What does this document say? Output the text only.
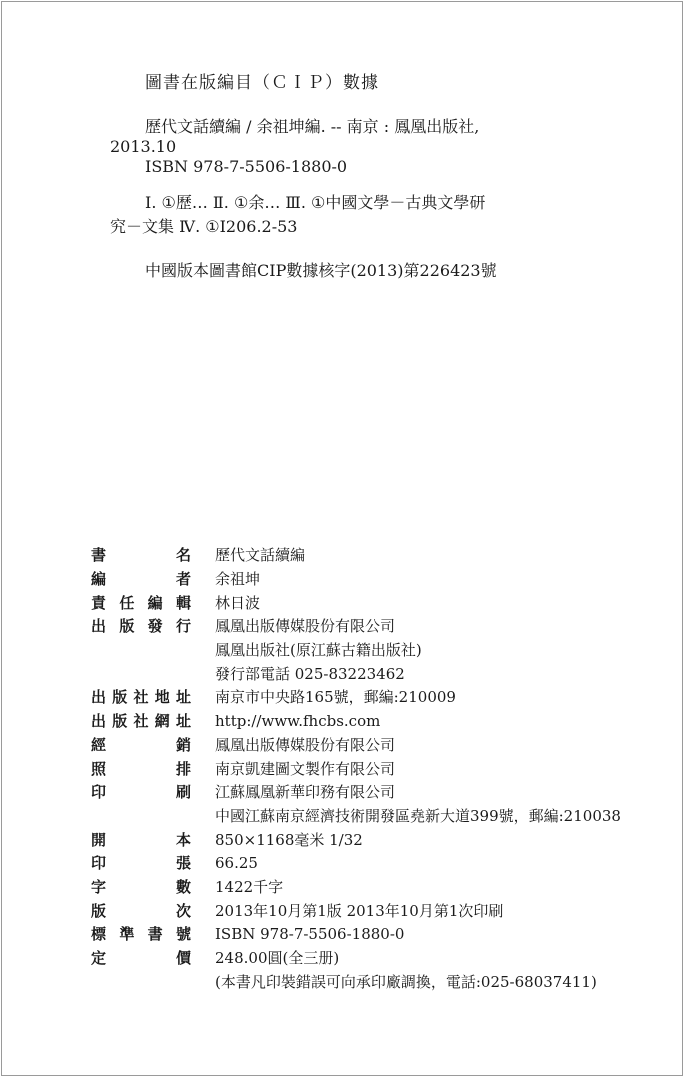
圖書在版編目（ＣＩＰ）數據
歷代文話續編 / 余祖坤編. -- 南京 : 鳳凰出版社,
2013.10
ISBN 978-7-5506-1880-0
Ⅰ. ①歷… Ⅱ. ①余… Ⅲ. ①中國文學－古典文學研
究－文集 Ⅳ. ①I206.2-53
中國版本圖書館CIP數據核字(2013)第226423號
書	名 歷代文話續編
編	者 余祖坤
責 任 編 輯 林日波
出 版 發 行 鳳凰出版傳媒股份有限公司
鳳凰出版社(原江蘇古籍出版社)
發行部電話 025-83223462
出 版 社 地 址 南京市中央路165號，郵編:210009
出 版 社 網 址 http://www.fhcbs.com
經	銷 鳳凰出版傳媒股份有限公司
照	排 南京凱建圖文製作有限公司
印	刷 江蘇鳳凰新華印務有限公司
中國江蘇南京經濟技術開發區堯新大道399號，郵編:210038
開	本 850×1168毫米 1/32
印	張 66.25
字	數 1422千字
版	次 2013年10月第1版 2013年10月第1次印刷
標 準 書 號 ISBN 978-7-5506-1880-0
定	價 248.00圓(全三册)
(本書凡印裝錯誤可向承印廠調換，電話:025-68037411)
